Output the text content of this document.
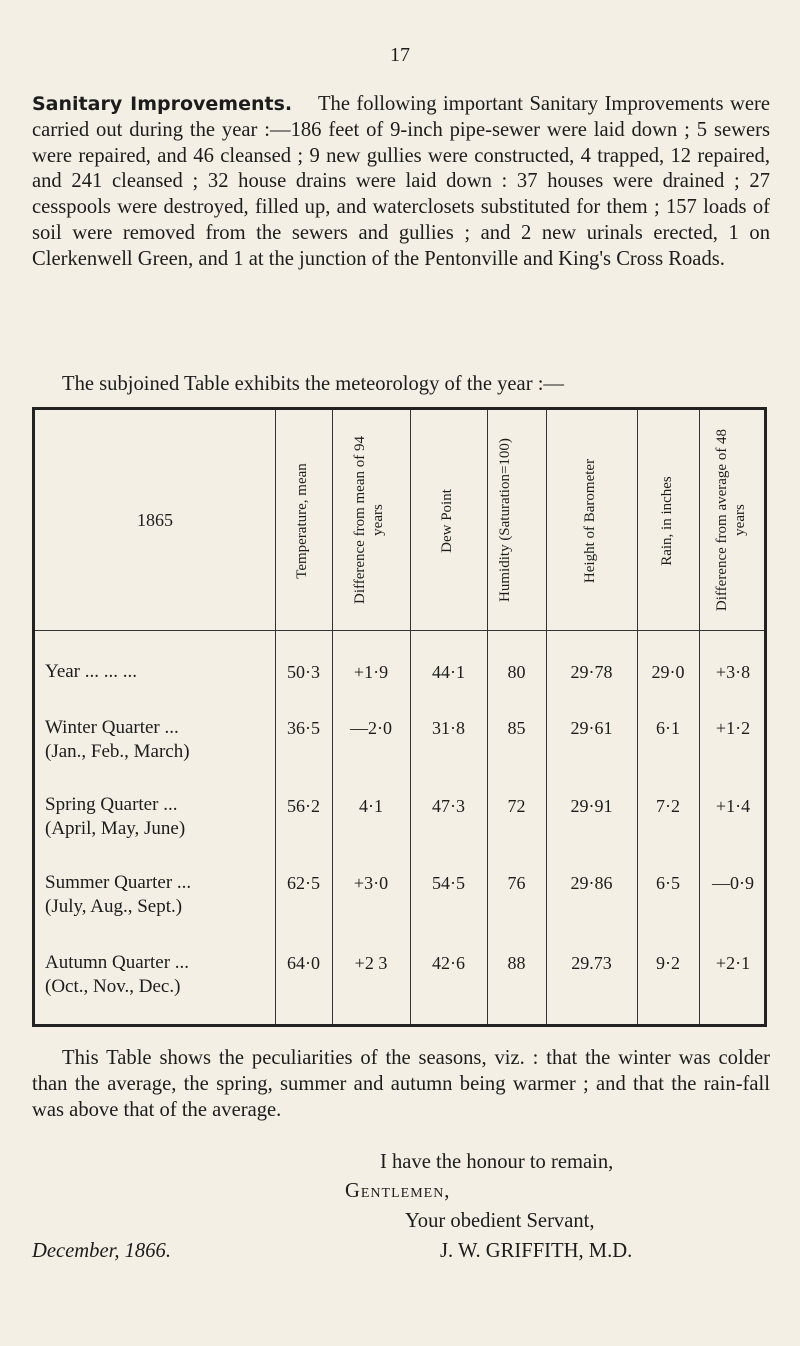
17

Sanitary Improvements. The following important Sanitary Improvements were carried out during the year :—186 feet of 9-inch pipe-sewer were laid down ; 5 sewers were repaired, and 46 cleansed ; 9 new gullies were constructed, 4 trapped, 12 repaired, and 241 cleansed ; 32 house drains were laid down : 37 houses were drained ; 27 cesspools were destroyed, filled up, and waterclosets substituted for them ; 157 loads of soil were removed from the sewers and gullies ; and 2 new urinals erected, 1 on Clerkenwell Green, and 1 at the junction of the Pentonville and King's Cross Roads.

The subjoined Table exhibits the meteorology of the year :—
1865	Temperature, mean	Difference from mean of 94 years	Dew Point	Humidity (Saturation=100)	Height of Barometer	Rain, in inches	Difference from average of 48 years
Year ... ... ...	50·3	+1·9	44·1	80	29·78	29·0	+3·8
Winter Quarter ...
(Jan., Feb., March)
36·5	—2·0	31·8	85	29·61	6·1	+1·2
Spring Quarter ...
(April, May, June)
56·2	4·1	47·3	72	29·91	7·2	+1·4
Summer Quarter ...
(July, Aug., Sept.)
62·5	+3·0	54·5	76	29·86	6·5	—0·9
Autumn Quarter ...
(Oct., Nov., Dec.)
64·0	+2 3	42·6	88	29.73	9·2	+2·1

This Table shows the peculiarities of the seasons, viz. : that the winter was colder than the average, the spring, summer and autumn being warmer ; and that the rain-fall was above that of the average.

I have the honour to remain,
Gentlemen,
Your obedient Servant,
December, 1866.	J. W. GRIFFITH, M.D.
